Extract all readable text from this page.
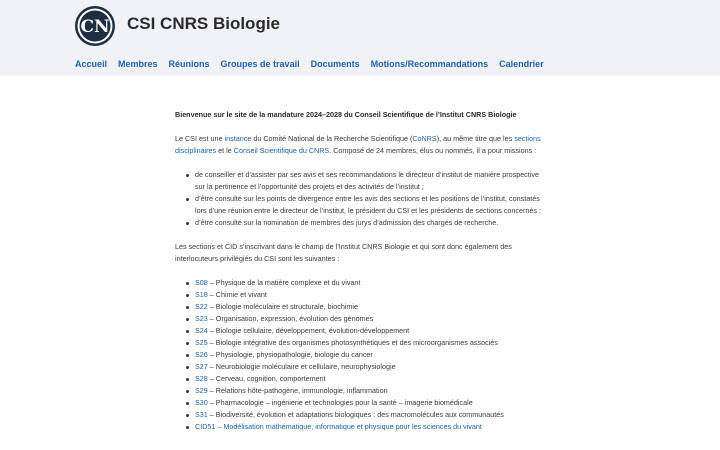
CN CSI CNRS Biologie
Accueil Membres Réunions Groupes de travail Documents Motions/Recommandations Calendrier

Bienvenue sur le site de la mandature 2024–2028 du Conseil Scientifique de l’Institut CNRS Biologie

Le CSI est une instance du Comité National de la Recherche Scientifique (CoNRS), au même titre que les sections disciplinaires et le Conseil Scientifique du CNRS. Composé de 24 membres, élus ou nommés, il a pour missions :

de conseiller et d’assister par ses avis et ses recommandations le directeur d’institut de manière prospective sur la pertinence et l’opportunité des projets et des activités de l’institut ;
d’être consulté sur les points de divergence entre les avis des sections et les positions de l’institut, constatés lors d’une réunion entre le directeur de l’institut, le président du CSI et les présidents de sections concernés ;
d’être consulté sur la nomination de membres des jurys d’admission des chargés de recherche.

Les sections et CID s’inscrivant dans le champ de l’Institut CNRS Biologie et qui sont donc également des interlocuteurs privilégiés du CSI sont les suivantes :

S08 – Physique de la matière complexe et du vivant
S18 – Chimie et vivant
S22 – Biologie moléculaire et structurale, biochimie
S23 – Organisation, expression, évolution des génomes
S24 – Biologie cellulaire, développement, évolution-développement
S25 – Biologie intégrative des organismes photosynthétiques et des microorganismes associés
S26 – Physiologie, physiopathologie, biologie du cancer
S27 – Neurobiologie moléculaire et cellulaire, neurophysiologie
S28 – Cerveau, cognition, comportement
S29 – Relations hôte-pathogène, immunologie, inflammation
S30 – Pharmacologie – ingénierie et technologies pour la santé – imagerie biomédicale
S31 – Biodiversité, évolution et adaptations biologiques : des macromolécules aux communautés
CID51 – Modélisation mathématique, informatique et physique pour les sciences du vivant
